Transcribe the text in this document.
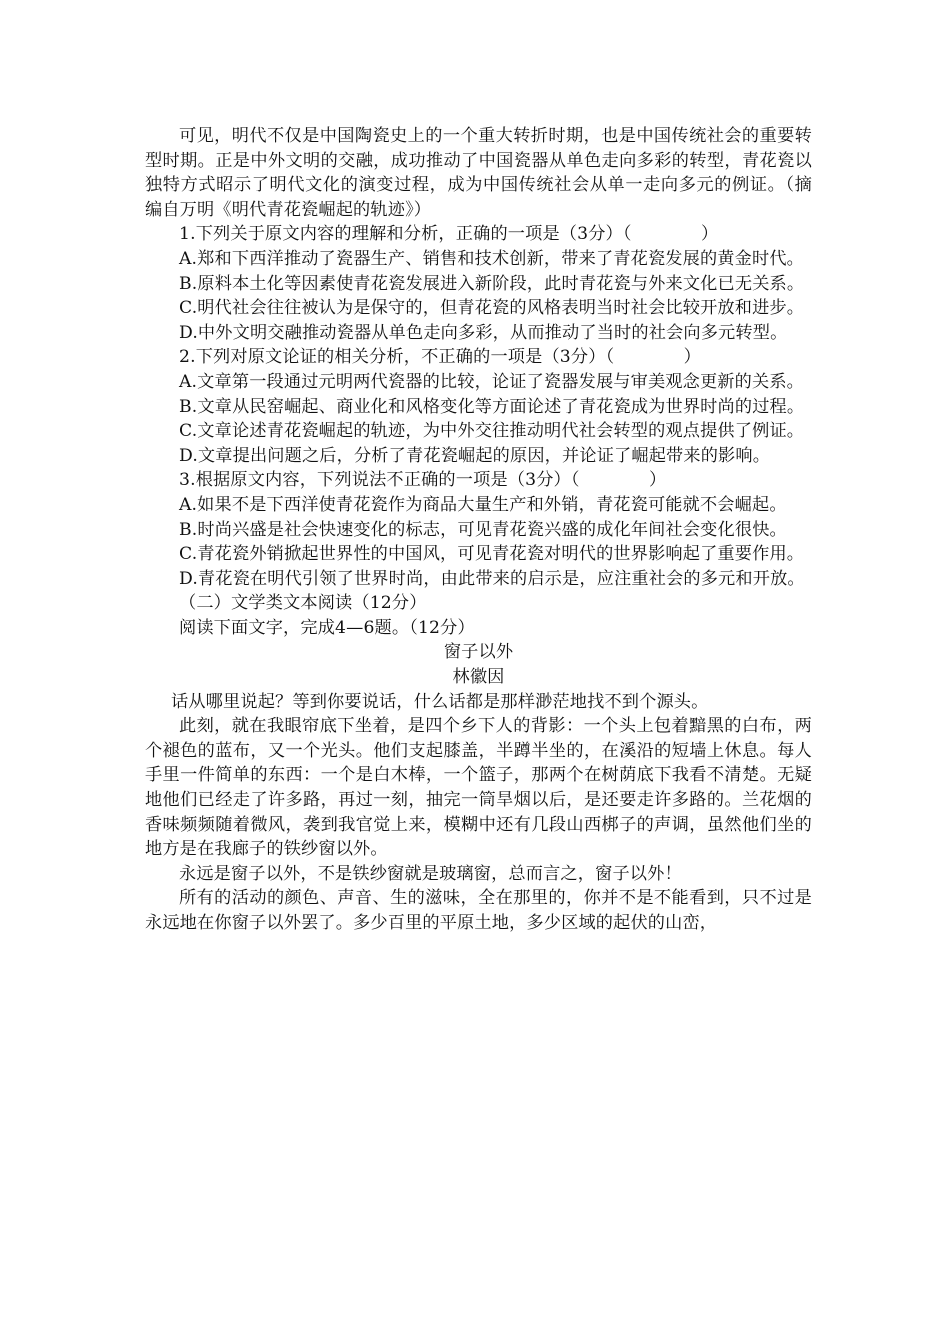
可见，明代不仅是中国陶瓷史上的一个重大转折时期，也是中国传统社会的重要转型时期。正是中外文明的交融，成功推动了中国瓷器从单色走向多彩的转型，青花瓷以独特方式昭示了明代文化的演变过程，成为中国传统社会从单一走向多元的例证。（摘编自万明《明代青花瓷崛起的轨迹》）

1.下列关于原文内容的理解和分析，正确的一项是（3分）（　　　　）

A.郑和下西洋推动了瓷器生产、销售和技术创新，带来了青花瓷发展的黄金时代。

B.原料本土化等因素使青花瓷发展进入新阶段，此时青花瓷与外来文化已无关系。

C.明代社会往往被认为是保守的，但青花瓷的风格表明当时社会比较开放和进步。

D.中外文明交融推动瓷器从单色走向多彩，从而推动了当时的社会向多元转型。

2.下列对原文论证的相关分析，不正确的一项是（3分）（　　　　）

A.文章第一段通过元明两代瓷器的比较，论证了瓷器发展与审美观念更新的关系。

B.文章从民窑崛起、商业化和风格变化等方面论述了青花瓷成为世界时尚的过程。

C.文章论述青花瓷崛起的轨迹，为中外交往推动明代社会转型的观点提供了例证。

D.文章提出问题之后，分析了青花瓷崛起的原因，并论证了崛起带来的影响。

3.根据原文内容，下列说法不正确的一项是（3分）（　　　　）

A.如果不是下西洋使青花瓷作为商品大量生产和外销，青花瓷可能就不会崛起。

B.时尚兴盛是社会快速变化的标志，可见青花瓷兴盛的成化年间社会变化很快。

C.青花瓷外销掀起世界性的中国风，可见青花瓷对明代的世界影响起了重要作用。

D.青花瓷在明代引领了世界时尚，由此带来的启示是，应注重社会的多元和开放。

（二）文学类文本阅读（12分）

阅读下面文字，完成4—6题。（12分）

窗子以外

林徽因

话从哪里说起？等到你要说话，什么话都是那样渺茫地找不到个源头。

此刻，就在我眼帘底下坐着，是四个乡下人的背影：一个头上包着黯黑的白布，两个褪色的蓝布，又一个光头。他们支起膝盖，半蹲半坐的，在溪沿的短墙上休息。每人手里一件简单的东西：一个是白木棒，一个篮子，那两个在树荫底下我看不清楚。无疑地他们已经走了许多路，再过一刻，抽完一筒旱烟以后，是还要走许多路的。兰花烟的香味频频随着微风，袭到我官觉上来，模糊中还有几段山西梆子的声调，虽然他们坐的地方是在我廊子的铁纱窗以外。

永远是窗子以外，不是铁纱窗就是玻璃窗，总而言之，窗子以外！

所有的活动的颜色、声音、生的滋味，全在那里的，你并不是不能看到，只不过是永远地在你窗子以外罢了。多少百里的平原土地，多少区域的起伏的山峦，
